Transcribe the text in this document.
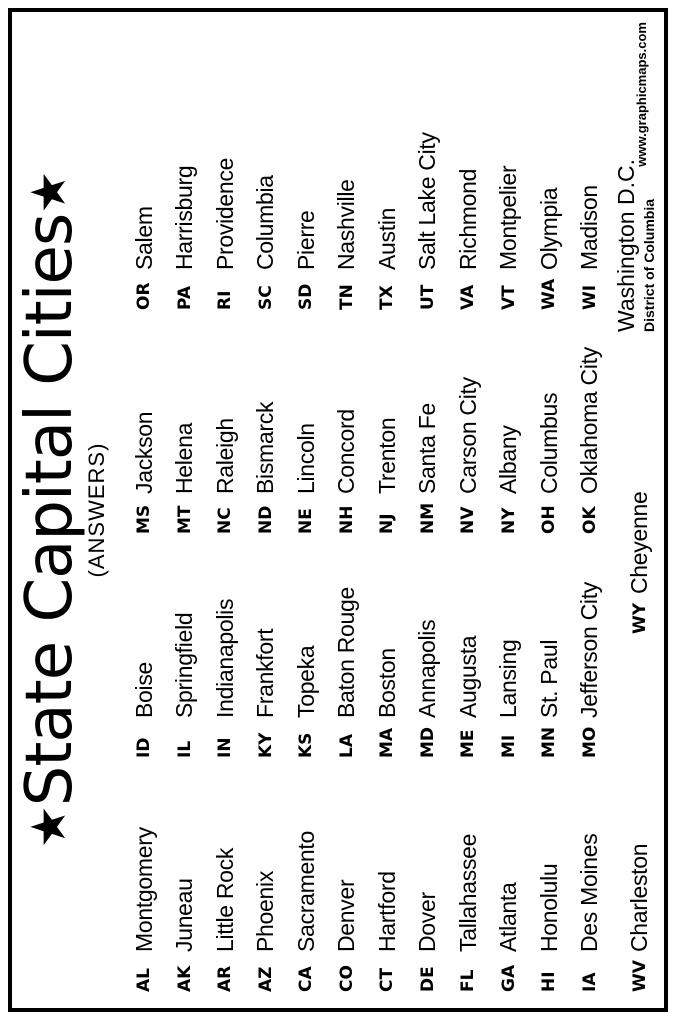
★State Capital Cities★
(ANSWERS)
AL
Montgomery
AK
Juneau
AR
Little Rock
AZ
Phoenix
CA
Sacramento
CO
Denver
CT
Hartford
DE
Dover
FL
Tallahassee
GA
Atlanta
HI
Honolulu
IA
Des Moines
ID
Boise
IL
Springfield
IN
Indianapolis
KY
Frankfort
KS
Topeka
LA
Baton Rouge
MA
Boston
MD
Annapolis
ME
Augusta
MI
Lansing
MN
St. Paul
MO
Jefferson City
MS
Jackson
MT
Helena
NC
Raleigh
ND
Bismarck
NE
Lincoln
NH
Concord
NJ
Trenton
NM
Santa Fe
NV
Carson City
NY
Albany
OH
Columbus
OK
Oklahoma City
OR
Salem
PA
Harrisburg
RI
Providence
SC
Columbia
SD
Pierre
TN
Nashville
TX
Austin
UT
Salt Lake City
VA
Richmond
VT
Montpelier
WA
Olympia
WI
Madison
WV
Charleston
WY
Cheyenne
Washington D.C. District of Columbia
www.graphicmaps.com
